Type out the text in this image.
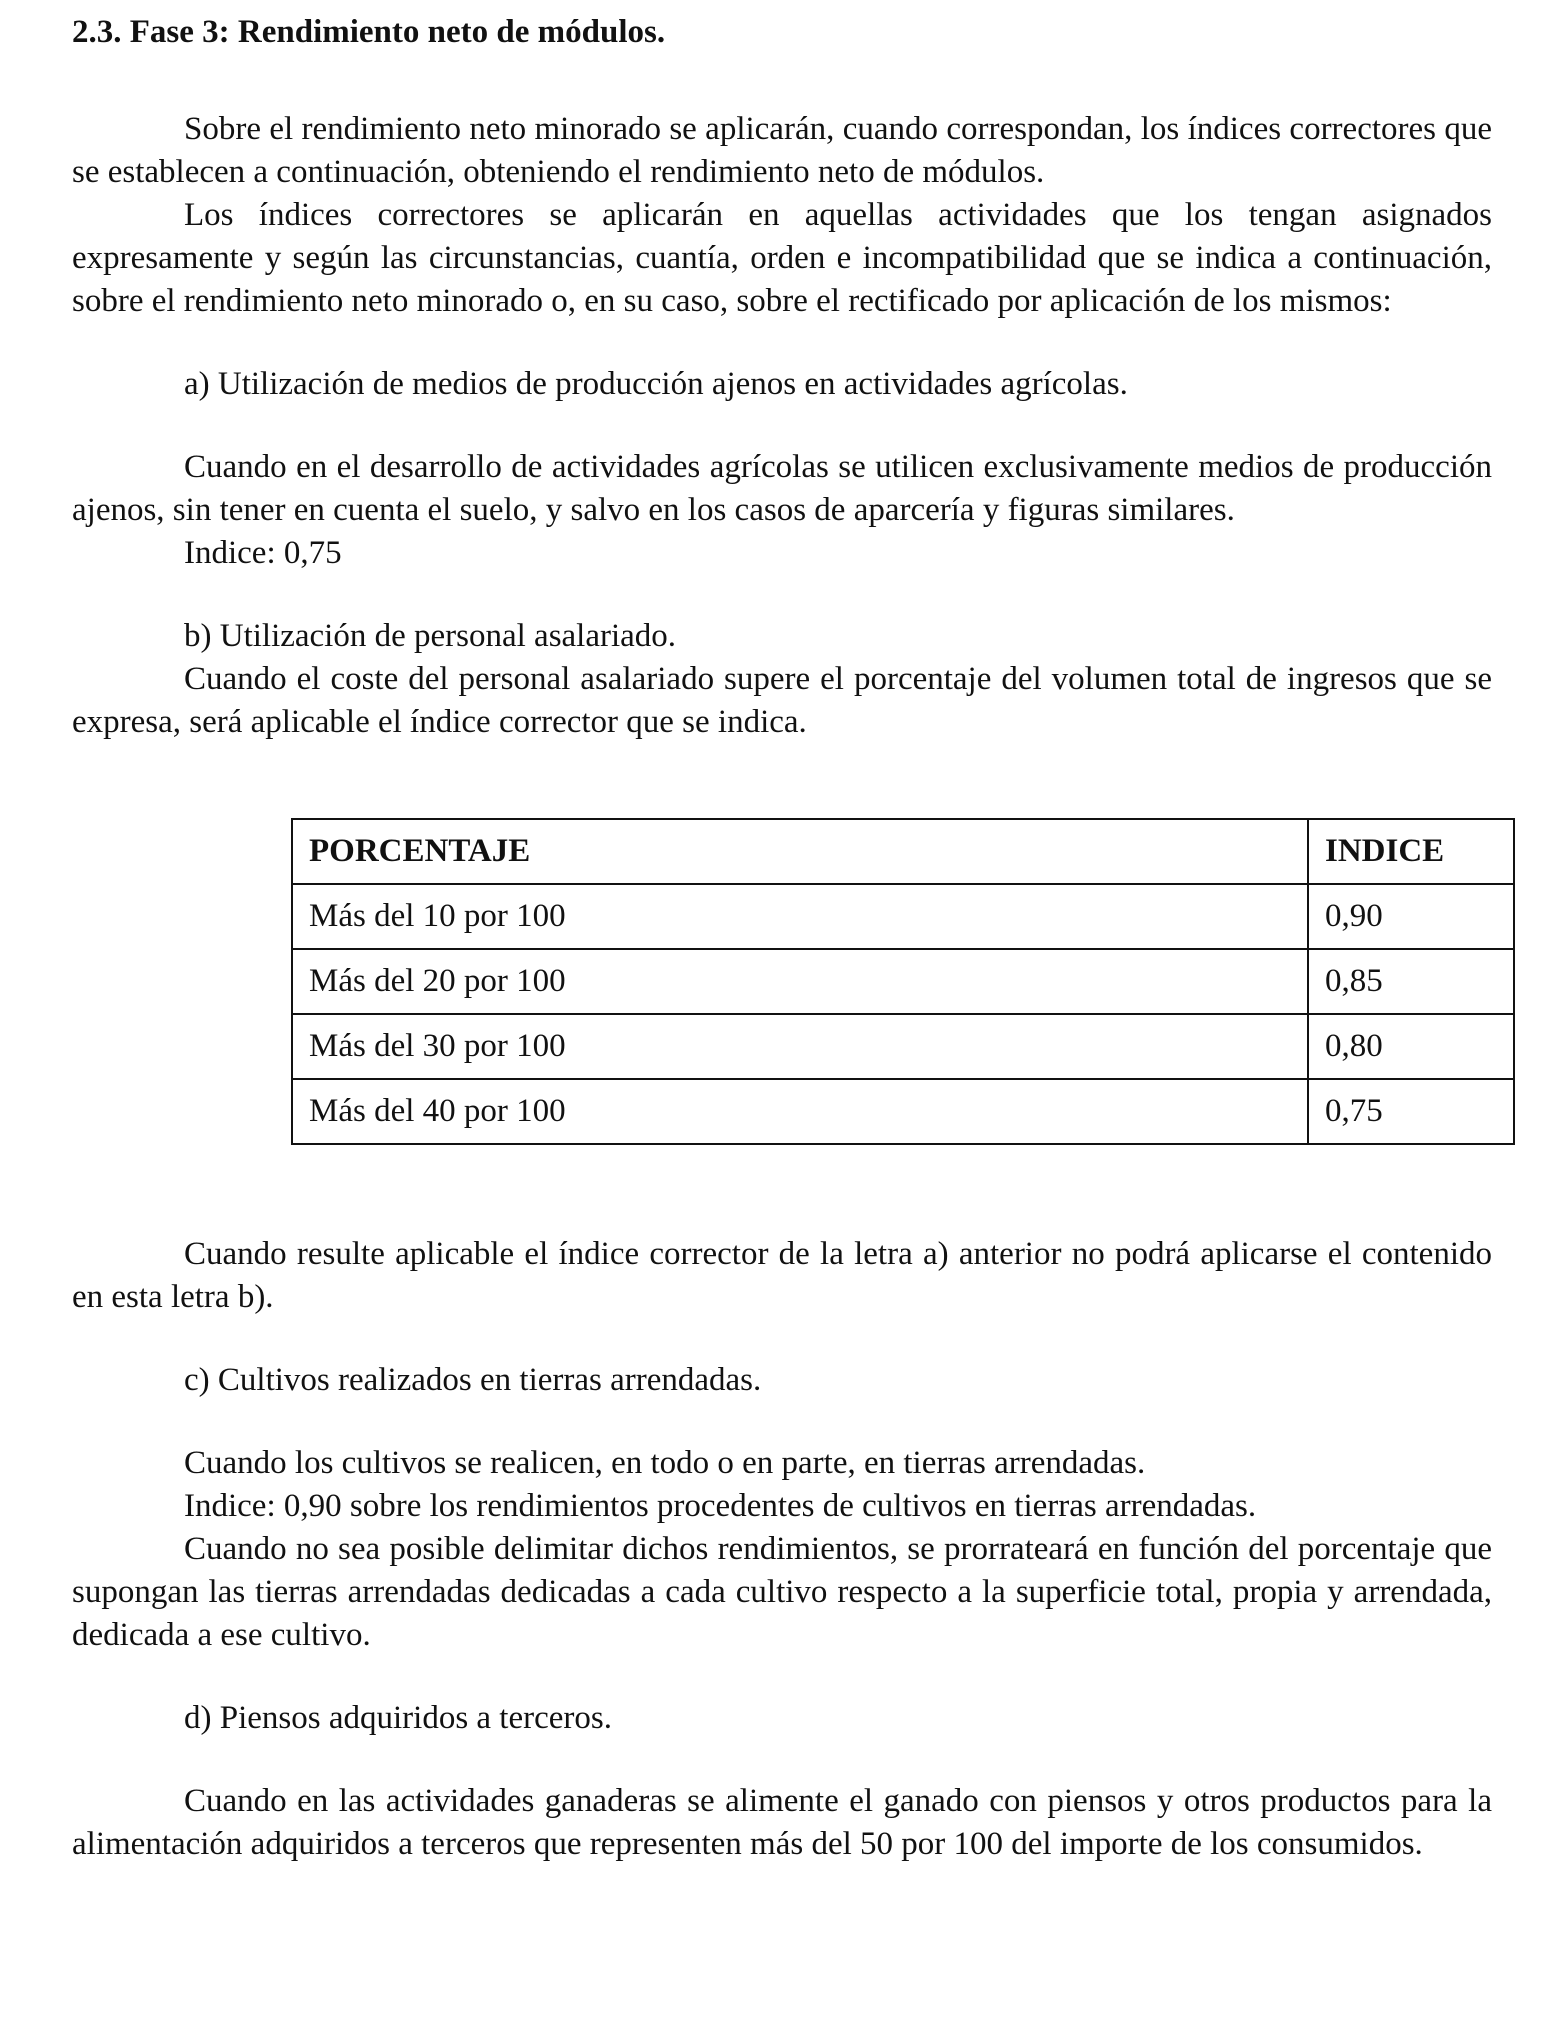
2.3. Fase 3: Rendimiento neto de módulos.

Sobre el rendimiento neto minorado se aplicarán, cuando correspondan, los índices correctores que se establecen a continuación, obteniendo el rendimiento neto de módulos.

Los índices correctores se aplicarán en aquellas actividades que los tengan asignados expresamente y según las circunstancias, cuantía, orden e incompatibilidad que se indica a continuación, sobre el rendimiento neto minorado o, en su caso, sobre el rectificado por aplicación de los mismos:

a) Utilización de medios de producción ajenos en actividades agrícolas.

Cuando en el desarrollo de actividades agrícolas se utilicen exclusivamente medios de producción ajenos, sin tener en cuenta el suelo, y salvo en los casos de aparcería y figuras similares.

Indice: 0,75

b) Utilización de personal asalariado.

Cuando el coste del personal asalariado supere el porcentaje del volumen total de ingresos que se expresa, será aplicable el índice corrector que se indica.

PORCENTAJE	INDICE
Más del 10 por 100	0,90
Más del 20 por 100	0,85
Más del 30 por 100	0,80
Más del 40 por 100	0,75

Cuando resulte aplicable el índice corrector de la letra a) anterior no podrá aplicarse el contenido en esta letra b).

c) Cultivos realizados en tierras arrendadas.

Cuando los cultivos se realicen, en todo o en parte, en tierras arrendadas.

Indice: 0,90 sobre los rendimientos procedentes de cultivos en tierras arrendadas.

Cuando no sea posible delimitar dichos rendimientos, se prorrateará en función del porcentaje que supongan las tierras arrendadas dedicadas a cada cultivo respecto a la superficie total, propia y arrendada, dedicada a ese cultivo.

d) Piensos adquiridos a terceros.

Cuando en las actividades ganaderas se alimente el ganado con piensos y otros productos para la alimentación adquiridos a terceros que representen más del 50 por 100 del importe de los consumidos.
